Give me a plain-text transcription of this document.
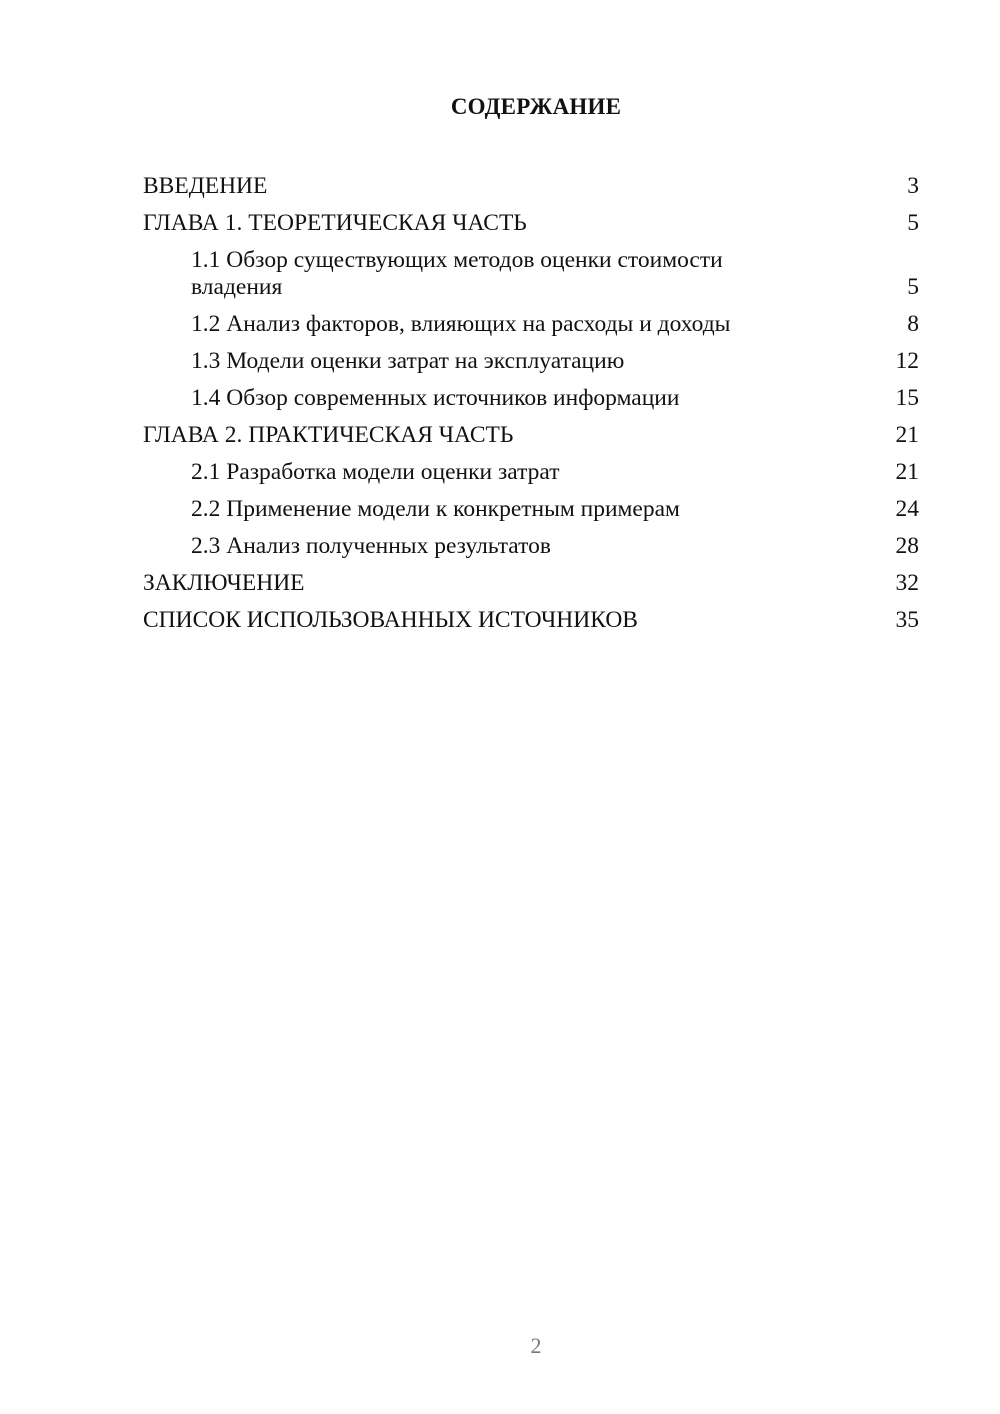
СОДЕРЖАНИЕ
ВВЕДЕНИЕ	3
ГЛАВА 1. ТЕОРЕТИЧЕСКАЯ ЧАСТЬ	5
1.1 Обзор существующих методов оценки стоимости владения	5
1.2 Анализ факторов, влияющих на расходы и доходы	8
1.3 Модели оценки затрат на эксплуатацию	12
1.4 Обзор современных источников информации	15
ГЛАВА 2. ПРАКТИЧЕСКАЯ ЧАСТЬ	21
2.1 Разработка модели оценки затрат	21
2.2 Применение модели к конкретным примерам	24
2.3 Анализ полученных результатов	28
ЗАКЛЮЧЕНИЕ	32
СПИСОК ИСПОЛЬЗОВАННЫХ ИСТОЧНИКОВ	35
2
